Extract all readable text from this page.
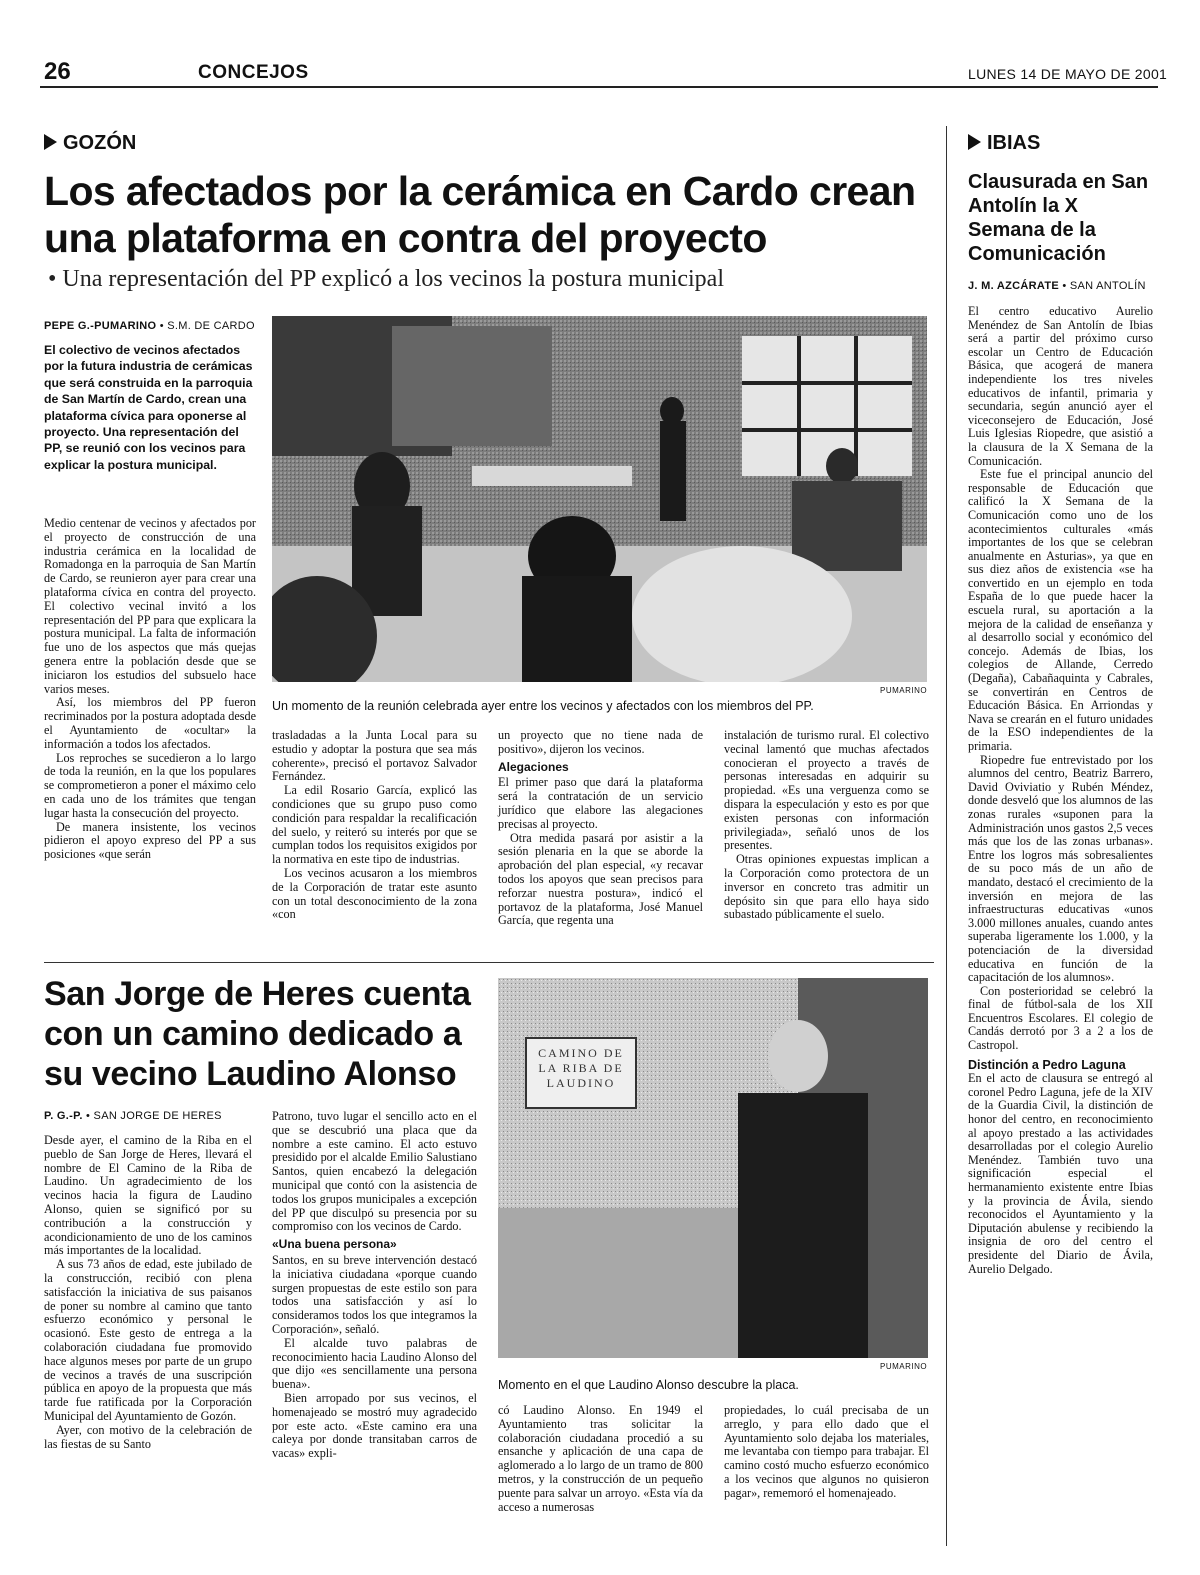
26	CONCEJOS	LUNES 14 DE MAYO DE 2001
GOZÓN
Los afectados por la cerámica en Cardo crean una plataforma en contra del proyecto
• Una representación del PP explicó a los vecinos la postura municipal
PEPE G.-PUMARINO • S.M. DE CARDO

El colectivo de vecinos afectados por la futura industria de cerámicas que será construida en la parroquia de San Martín de Cardo, crean una plataforma cívica para oponerse al proyecto. Una representación del PP, se reunió con los vecinos para explicar la postura municipal.

PUMARINO
Un momento de la reunión celebrada ayer entre los vecinos y afectados con los miembros del PP.

Medio centenar de vecinos y afectados por el proyecto de construcción de una industria cerámica en la localidad de Romadonga en la parroquia de San Martín de Cardo, se reunieron ayer para crear una plataforma cívica en contra del proyecto. El colectivo vecinal invitó a los representación del PP para que explicara la postura municipal. La falta de información fue uno de los aspectos que más quejas genera entre la población desde que se iniciaron los estudios del subsuelo hace varios meses.

Así, los miembros del PP fueron recriminados por la postura adoptada desde el Ayuntamiento de «ocultar» la información a todos los afectados.

Los reproches se sucedieron a lo largo de toda la reunión, en la que los populares se comprometieron a poner el máximo celo en cada uno de los trámites que tengan lugar hasta la consecución del proyecto.

De manera insistente, los vecinos pidieron el apoyo expreso del PP a sus posiciones «que serán

trasladadas a la Junta Local para su estudio y adoptar la postura que sea más coherente», precisó el portavoz Salvador Fernández.

La edil Rosario García, explicó las condiciones que su grupo puso como condición para respaldar la recalificación del suelo, y reiteró su interés por que se cumplan todos los requisitos exigidos por la normativa en este tipo de industrias.

Los vecinos acusaron a los miembros de la Corporación de tratar este asunto con un total desconocimiento de la zona «con

un proyecto que no tiene nada de positivo», dijeron los vecinos.

Alegaciones

El primer paso que dará la plataforma será la contratación de un servicio jurídico que elabore las alegaciones precisas al proyecto.

Otra medida pasará por asistir a la sesión plenaria en la que se aborde la aprobación del plan especial, «y recavar todos los apoyos que sean precisos para reforzar nuestra postura», indicó el portavoz de la plataforma, José Manuel García, que regenta una

instalación de turismo rural. El colectivo vecinal lamentó que muchas afectados conocieran el proyecto a través de personas interesadas en adquirir su propiedad. «Es una verguenza como se dispara la especulación y esto es por que existen personas con información privilegiada», señaló unos de los presentes.

Otras opiniones expuestas implican a la Corporación como protectora de un inversor en concreto tras admitir un depósito sin que para ello haya sido subastado públicamente el suelo.

San Jorge de Heres cuenta con un camino dedicado a su vecino Laudino Alonso
P. G.-P. • SAN JORGE DE HERES
CAMINO DE LA RIBA DE LAUDINO
PUMARINO
Momento en el que Laudino Alonso descubre la placa.

Desde ayer, el camino de la Riba en el pueblo de San Jorge de Heres, llevará el nombre de El Camino de la Riba de Laudino. Un agradecimiento de los vecinos hacia la figura de Laudino Alonso, quien se significó por su contribución a la construcción y acondicionamiento de uno de los caminos más importantes de la localidad.

A sus 73 años de edad, este jubilado de la construcción, recibió con plena satisfacción la iniciativa de sus paisanos de poner su nombre al camino que tanto esfuerzo económico y personal le ocasionó. Este gesto de entrega a la colaboración ciudadana fue promovido hace algunos meses por parte de un grupo de vecinos a través de una suscripción pública en apoyo de la propuesta que más tarde fue ratificada por la Corporación Municipal del Ayuntamiento de Gozón.

Ayer, con motivo de la celebración de las fiestas de su Santo

Patrono, tuvo lugar el sencillo acto en el que se descubrió una placa que da nombre a este camino. El acto estuvo presidido por el alcalde Emilio Salustiano Santos, quien encabezó la delegación municipal que contó con la asistencia de todos los grupos municipales a excepción del PP que disculpó su presencia por su compromiso con los vecinos de Cardo.

«Una buena persona»

Santos, en su breve intervención destacó la iniciativa ciudadana «porque cuando surgen propuestas de este estilo son para todos una satisfacción y así lo consideramos todos los que integramos la Corporación», señaló.

El alcalde tuvo palabras de reconocimiento hacia Laudino Alonso del que dijo «es sencillamente una persona buena».

Bien arropado por sus vecinos, el homenajeado se mostró muy agradecido por este acto. «Este camino era una caleya por donde transitaban carros de vacas» expli-

có Laudino Alonso. En 1949 el Ayuntamiento tras solicitar la colaboración ciudadana procedió a su ensanche y aplicación de una capa de aglomerado a lo largo de un tramo de 800 metros, y la construcción de un pequeño puente para salvar un arroyo. «Esta vía da acceso a numerosas

propiedades, lo cuál precisaba de un arreglo, y para ello dado que el Ayuntamiento solo dejaba los materiales, me levantaba con tiempo para trabajar. El camino costó mucho esfuerzo económico a los vecinos que algunos no quisieron pagar», rememoró el homenajeado.

IBIAS
Clausurada en San Antolín la X Semana de la Comunicación
J. M. AZCÁRATE • SAN ANTOLÍN

El centro educativo Aurelio Menéndez de San Antolín de Ibias será a partir del próximo curso escolar un Centro de Educación Básica, que acogerá de manera independiente los tres niveles educativos de infantil, primaria y secundaria, según anunció ayer el viceconsejero de Educación, José Luis Iglesias Riopedre, que asistió a la clausura de la X Semana de la Comunicación.

Este fue el principal anuncio del responsable de Educación que calificó la X Semana de la Comunicación como uno de los acontecimientos culturales «más importantes de los que se celebran anualmente en Asturias», ya que en sus diez años de existencia «se ha convertido en un ejemplo en toda España de lo que puede hacer la escuela rural, su aportación a la mejora de la calidad de enseñanza y al desarrollo social y económico del concejo. Además de Ibias, los colegios de Allande, Cerredo (Degaña), Cabañaquinta y Cabrales, se convertirán en Centros de Educación Básica. En Arriondas y Nava se crearán en el futuro unidades de la ESO independientes de la primaria.

Riopedre fue entrevistado por los alumnos del centro, Beatriz Barrero, David Oviviatio y Rubén Méndez, donde desveló que los alumnos de las zonas rurales «suponen para la Administración unos gastos 2,5 veces más que los de las zonas urbanas». Entre los logros más sobresalientes de su poco más de un año de mandato, destacó el crecimiento de la inversión en mejora de las infraestructuras educativas «unos 3.000 millones anuales, cuando antes superaba ligeramente los 1.000, y la potenciación de la diversidad educativa en función de la capacitación de los alumnos».

Con posterioridad se celebró la final de fútbol-sala de los XII Encuentros Escolares. El colegio de Candás derrotó por 3 a 2 a los de Castropol.

Distinción a Pedro Laguna

En el acto de clausura se entregó al coronel Pedro Laguna, jefe de la XIV de la Guardia Civil, la distinción de honor del centro, en reconocimiento al apoyo prestado a las actividades desarrolladas por el colegio Aurelio Menéndez. También tuvo una significación especial el hermanamiento existente entre Ibias y la provincia de Ávila, siendo reconocidos el Ayuntamiento y la Diputación abulense y recibiendo la insignia de oro del centro el presidente del Diario de Ávila, Aurelio Delgado.
